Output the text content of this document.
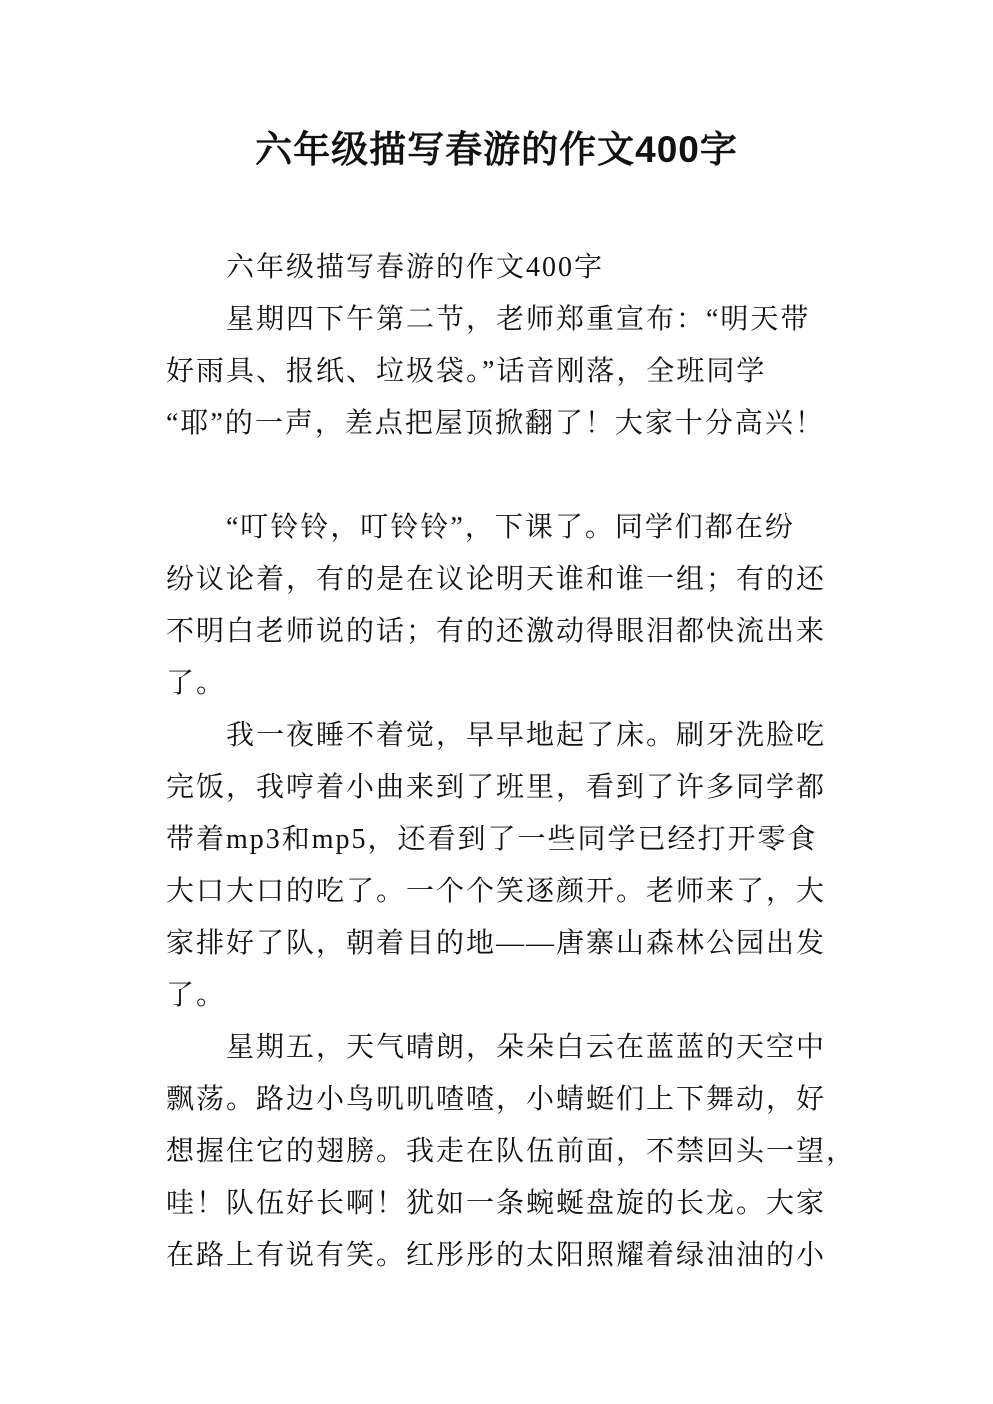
六年级描写春游的作文400字
六年级描写春游的作文400字
星期四下午第二节，老师郑重宣布：“明天带
好雨具、报纸、垃圾袋。”话音刚落，全班同学
“耶”的一声，差点把屋顶掀翻了！大家十分高兴！
“叮铃铃，叮铃铃”，下课了。同学们都在纷
纷议论着，有的是在议论明天谁和谁一组；有的还
不明白老师说的话；有的还激动得眼泪都快流出来
了。
我一夜睡不着觉，早早地起了床。刷牙洗脸吃
完饭，我哼着小曲来到了班里，看到了许多同学都
带着mp3和mp5，还看到了一些同学已经打开零食
大口大口的吃了。一个个笑逐颜开。老师来了，大
家排好了队，朝着目的地——唐寨山森林公园出发
了。
星期五，天气晴朗，朵朵白云在蓝蓝的天空中
飘荡。路边小鸟叽叽喳喳，小蜻蜓们上下舞动，好
想握住它的翅膀。我走在队伍前面，不禁回头一望，
哇！队伍好长啊！犹如一条蜿蜒盘旋的长龙。大家
在路上有说有笑。红彤彤的太阳照耀着绿油油的小
